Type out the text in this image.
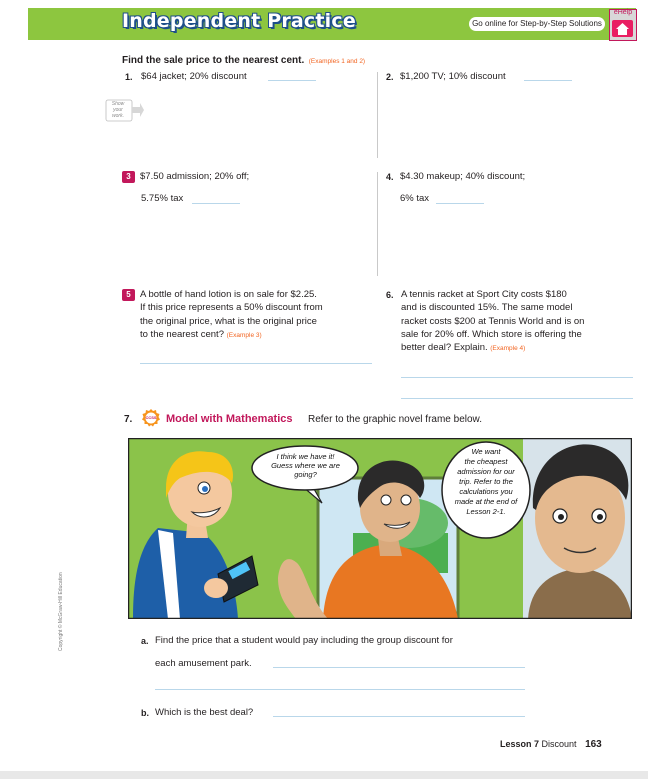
Independent Practice	Go online for Step-by-Step Solutions
eHelp
Find the sale price to the nearest cent. (Examples 1 and 2)
Show your work.
1. $64 jacket; 20% discount	2. $1,200 TV; 10% discount
3 $7.50 admission; 20% off;
5.75% tax
4. $4.30 makeup; 40% discount;
6% tax
5 A bottle of hand lotion is on sale for $2.25.
If this price represents a 50% discount from
the original price, what is the original price
to the nearest cent? (Example 3)
6. A tennis racket at Sport City costs $180
and is discounted 15%. The same model
racket costs $200 at Tennis World and is on
sale for 20% off. Which store is offering the
better deal? Explain. (Example 4)
7.	CCSS Model with Mathematics Refer to the graphic novel frame below.
I think we have it!
Guess where we are
going?
We want
the cheapest
admission for our
trip. Refer to the
calculations you
made at the end of
Lesson 2-1.
a. Find the price that a student would pay including the group discount for
each amusement park.
b. Which is the best deal?
Copyright © McGraw-Hill Education
Lesson 7 Discount 163
